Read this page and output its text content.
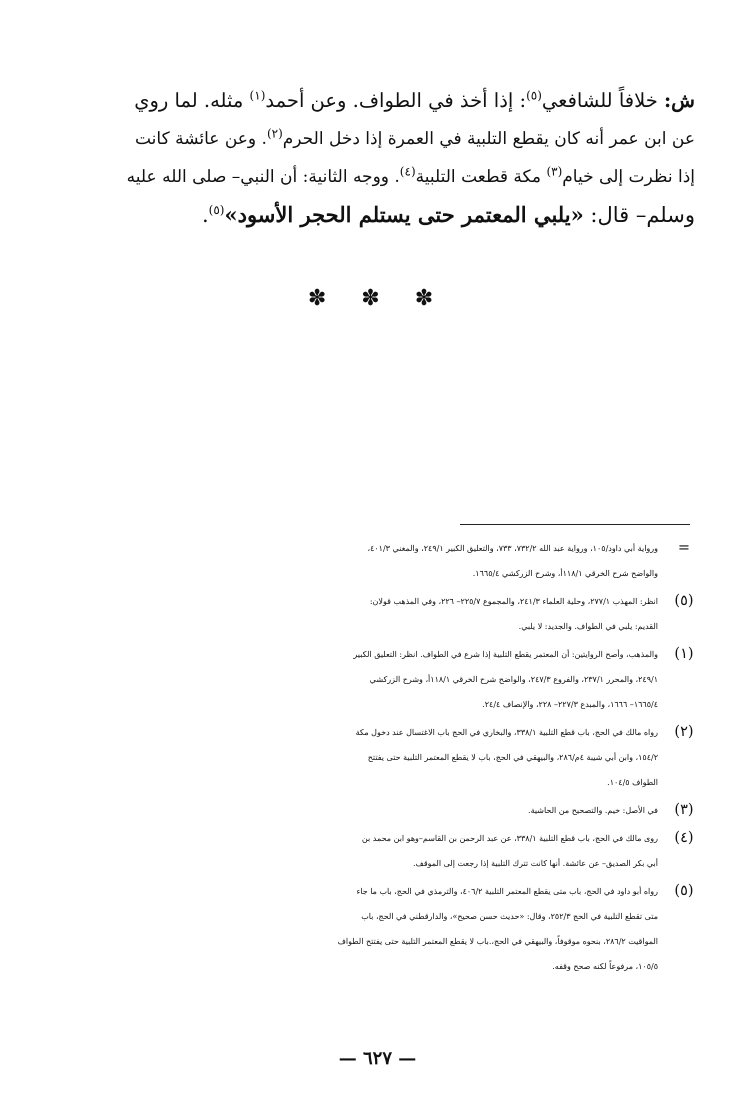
ش: خلافاً للشافعي$^{(٥)}$: إذا أخذ في الطواف. وعن أحمد$^{(١)}$ مثله. لما روي
عن ابن عمر أنه كان يقطع التلبية في العمرة إذا دخل الحرم$^{(٢)}$. وعن عائشة كانت
إذا نظرت إلى خيام$^{(٣)}$ مكة قطعت التلبية$^{(٤)}$. ووجه الثانية: أن النبي– صلى الله عليه
وسلم– قال: «يلبي المعتمر حتى يستلم الحجر الأسود»$^{(٥)}$.
✽ ✽ ✽
=
ورواية أبي داود/١٠٥، ورواية عبد الله ٧٣٢/٢، ٧٣٣، والتعليق الكبير ٢٤٩/١، والمغني ٤٠١/٣،
والواضح شرح الخرقي ١١٨/١أ، وشرح الزركشي ١٦٦٥/٤.
(٥)
انظر: المهذب ٢٧٧/١، وحلية العلماء ٢٤١/٣، والمجموع ٢٢٥/٧– ٢٢٦، وفي المذهب قولان:
القديم: يلبي في الطواف. والجديد: لا يلبي.
(١)
والمذهب، وأصح الروايتين: أن المعتمر يقطع التلبية إذا شرع في الطواف. انظر: التعليق الكبير
٢٤٩/١، والمحرر ٢٣٧/١، والفروع ٢٤٧/٣، والواضح شرح الخرقي ١١٨/١أ، وشرح الزركشي
١٦٦٥/٤– ١٦٦٦، والمبدع ٢٢٧/٣– ٢٢٨، والإنصاف ٢٤/٤.
(٢)
رواه مالك في الحج، باب قطع التلبية ٣٣٨/١، والبخاري في الحج باب الاغتسال عند دخول مكة
١٥٤/٢، وابن أبي شيبة ٤م/٢٨٦، والبيهقي في الحج، باب لا يقطع المعتمر التلبية حتى يفتتح
الطواف ١٠٤/٥.
(٣)
في الأصل: خيم. والتصحيح من الحاشية.
(٤)
روى مالك في الحج، باب قطع التلبية ٣٣٨/١، عن عبد الرحمن بن القاسم–وهو ابن محمد بن
أبي بكر الصديق– عن عائشة. أنها كانت تترك التلبية إذا رجعت إلى الموقف.
(٥)
رواه أبو داود في الحج، باب متى يقطع المعتمر التلبية ٤٠٦/٢، والترمذي في الحج، باب ما جاء
متى تقطع التلبية في الحج ٢٥٢/٣، وقال: «حديث حسن صحيح»، والدارقطني في الحج، باب
المواقيت ٢٨٦/٢، بنحوه موقوفاً، والبيهقي في الحج،.باب لا يقطع المعتمر التلبية حتى يفتتح الطواف
١٠٥/٥، مرفوعاً لكنه صحح وقفه.
— ٦٢٧ —
